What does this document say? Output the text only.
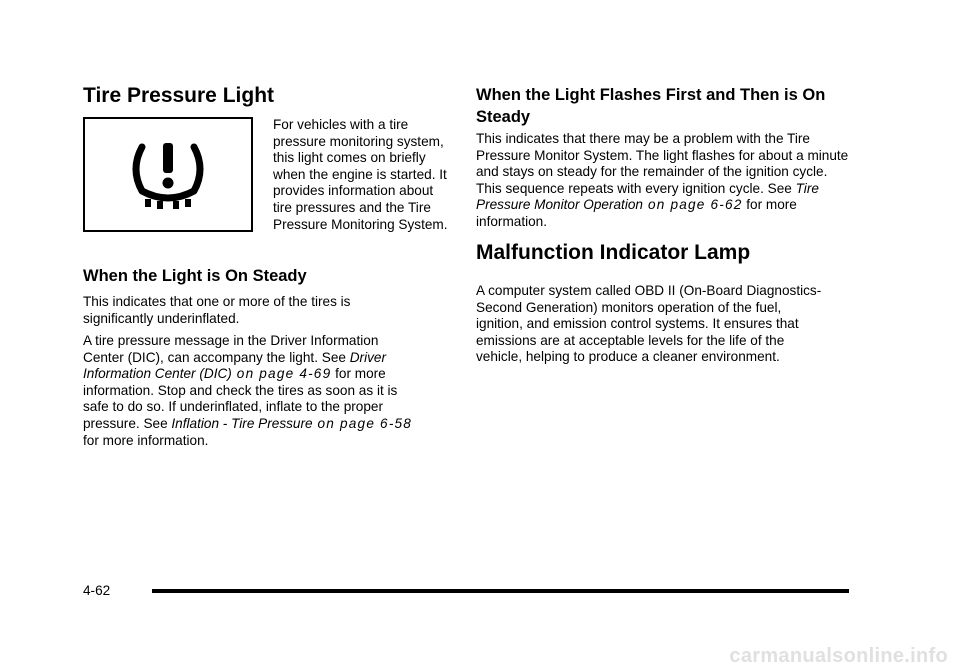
Tire Pressure Light

For vehicles with a tire pressure monitoring system, this light comes on briefly when the engine is started. It provides information about tire pressures and the Tire Pressure Monitoring System.

When the Light is On Steady

This indicates that one or more of the tires is significantly underinflated.

A tire pressure message in the Driver Information Center (DIC), can accompany the light. See Driver Information Center (DIC) on page 4-69 for more information. Stop and check the tires as soon as it is safe to do so. If underinflated, inflate to the proper pressure. See Inflation - Tire Pressure on page 6-58 for more information.

When the Light Flashes First and Then is On Steady

This indicates that there may be a problem with the Tire Pressure Monitor System. The light flashes for about a minute and stays on steady for the remainder of the ignition cycle. This sequence repeats with every ignition cycle. See Tire Pressure Monitor Operation on page 6-62 for more information.

Malfunction Indicator Lamp

A computer system called OBD II (On-Board Diagnostics-Second Generation) monitors operation of the fuel, ignition, and emission control systems. It ensures that emissions are at acceptable levels for the life of the vehicle, helping to produce a cleaner environment.

4-62
carmanualsonline.info
